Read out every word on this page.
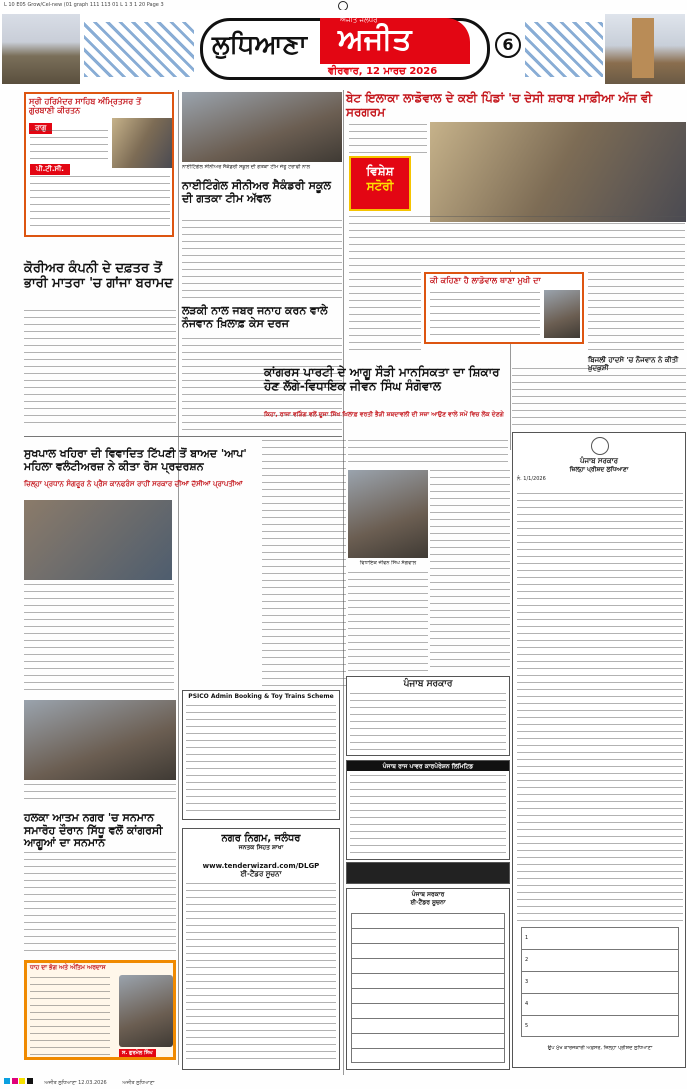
L 10 E05 Grow/Cel-new (01 graph 111 113 01 L 1 3 1 20 Page 3
ਲੁਧਿਆਣਾ
ਅਜੀਤ ਜਲੰਧਰ
ਅਜੀਤ
ਵੀਰਵਾਰ, 12 ਮਾਰਚ 2026
6
ਸ੍ਰੀ ਹਰਿਮੰਦਰ ਸਾਹਿਬ ਅੰਮ੍ਰਿਤਸਰ ਤੋਂ ਗੁਰਬਾਣੀ ਕੀਰਤਨ
ਰਾਗੁ
ਪੀ.ਟੀ.ਸੀ.
ਕੋਰੀਅਰ ਕੰਪਨੀ ਦੇ ਦਫ਼ਤਰ ਤੋਂ ਭਾਰੀ ਮਾਤਰਾ 'ਚ ਗਾਂਜਾ ਬਰਾਮਦ
ਸੁਖਪਾਲ ਖਹਿਰਾ ਦੀ ਵਿਵਾਦਿਤ ਟਿੱਪਣੀ ਤੋਂ ਬਾਅਦ 'ਆਪ' ਮਹਿਲਾ ਵਲੰਟੀਅਰਜ਼ ਨੇ ਕੀਤਾ ਰੋਸ ਪ੍ਰਦਰਸ਼ਨ
ਜ਼ਿਲ੍ਹਾ ਪ੍ਰਧਾਨ ਸੰਗਰੂਰ ਨੇ ਪ੍ਰੈਸ ਕਾਨਫਰੰਸ ਰਾਹੀਂ ਸਰਕਾਰ ਦੀਆਂ ਦੱਸੀਆਂ ਪ੍ਰਾਪਤੀਆਂ
ਹਲਕਾ ਆਤਮ ਨਗਰ 'ਚ ਸਨਮਾਨ ਸਮਾਰੋਹ ਦੌਰਾਨ ਸਿੱਧੂ ਵਲੋਂ ਕਾਂਗਰਸੀ ਆਗੂਆਂ ਦਾ ਸਨਮਾਨ
ਧਾਹ ਦਾ ਭੋਗ ਅਤੇ ਅੰਤਿਮ ਅਰਦਾਸ
ਸ. ਗੁਰਮੇਲ ਸਿੰਘ
ਨਾਈਟਿੰਗੇਲ ਸੀਨੀਅਰ ਸੈਕੰਡਰੀ ਸਕੂਲ ਦੀ ਗਤਕਾ ਟੀਮ ਜੇਤੂ ਟਰਾਫੀ ਨਾਲ
ਨਾਈਟਿੰਗੇਲ ਸੀਨੀਅਰ ਸੈਕੰਡਰੀ ਸਕੂਲ ਦੀ ਗਤਕਾ ਟੀਮ ਅੱਵਲ
ਲੜਕੀ ਨਾਲ ਜਬਰ ਜਨਾਹ ਕਰਨ ਵਾਲੇ ਨੌਜਵਾਨ ਖ਼ਿਲਾਫ਼ ਕੇਸ ਦਰਜ
PSICO Admin Booking & Toy Trains Scheme
ਨਗਰ ਨਿਗਮ, ਜਲੰਧਰ
ਜਨਤਕ ਸਿਹਤ ਸ਼ਾਖਾ
www.tenderwizard.com/DLGP
ਈ-ਟੈਂਡਰ ਸੂਚਨਾ
ਬੇਟ ਇਲਾਕਾ ਲਾਡੋਵਾਲ ਦੇ ਕਈ ਪਿੰਡਾਂ 'ਚ ਦੇਸੀ ਸ਼ਰਾਬ ਮਾਫ਼ੀਆ ਅੱਜ ਵੀ ਸਰਗਰਮ
ਵਿਸ਼ੇਸ਼
ਸਟੋਰੀ
ਕੀ ਕਹਿਣਾ ਹੈ ਲਾਡੋਵਾਲ ਥਾਣਾ ਮੁਖੀ ਦਾ
ਬਿਜਲੀ ਹਾਦਸੇ 'ਚ ਨੌਜਵਾਨ ਨੇ ਕੀਤੀ ਖ਼ੁਦਕੁਸ਼ੀ
ਕਾਂਗਰਸ ਪਾਰਟੀ ਦੇ ਆਗੂ ਸੌੜੀ ਮਾਨਸਿਕਤਾ ਦਾ ਸ਼ਿਕਾਰ ਹੋਣ ਲੱਗੇ-ਵਿਧਾਇਕ ਜੀਵਨ ਸਿੰਘ ਸੰਗੋਵਾਲ
ਕਿਹਾ, ਰਾਜਾ ਵੜਿੰਗ ਵਲੋਂ ਦੂਜਾ ਸਿੱਖ ਖ਼ਿਲਾਫ਼ ਵਰਤੀ ਭੈੜੀ ਸ਼ਬਦਾਵਲੀ ਦੀ ਸਜ਼ਾ ਆਉਣ ਵਾਲੇ ਸਮੇਂ ਵਿਚ ਲੋਕ ਦੇਣਗੇ
ਵਿਧਾਇਕ ਜੀਵਨ ਸਿੰਘ ਸੰਗੋਵਾਲ
ਪੰਜਾਬ ਸਰਕਾਰ
ਪੰਜਾਬ ਰਾਜ ਪਾਵਰ ਕਾਰਪੋਰੇਸ਼ਨ ਲਿਮਿਟਿਡ
ਪੰਜਾਬ ਸਰਕਾਰ
ਈ-ਟੈਂਡਰ ਸੂਚਨਾ
ਪੰਜਾਬ ਸਰਕਾਰ
ਜ਼ਿਲ੍ਹਾ ਪ੍ਰੀਸ਼ਦ ਲੁਧਿਆਣਾ
ਨੰ. 1/1/2026
1
2
3
4
5
ਉਪ ਮੁੱਖ ਕਾਰਜਕਾਰੀ ਅਫ਼ਸਰ, ਜ਼ਿਲ੍ਹਾ ਪ੍ਰੀਸ਼ਦ ਲੁਧਿਆਣਾ
ਅਜੀਤ ਲੁਧਿਆਣਾ 12.03.2026	ਅਜੀਤ ਲੁਧਿਆਣਾ
